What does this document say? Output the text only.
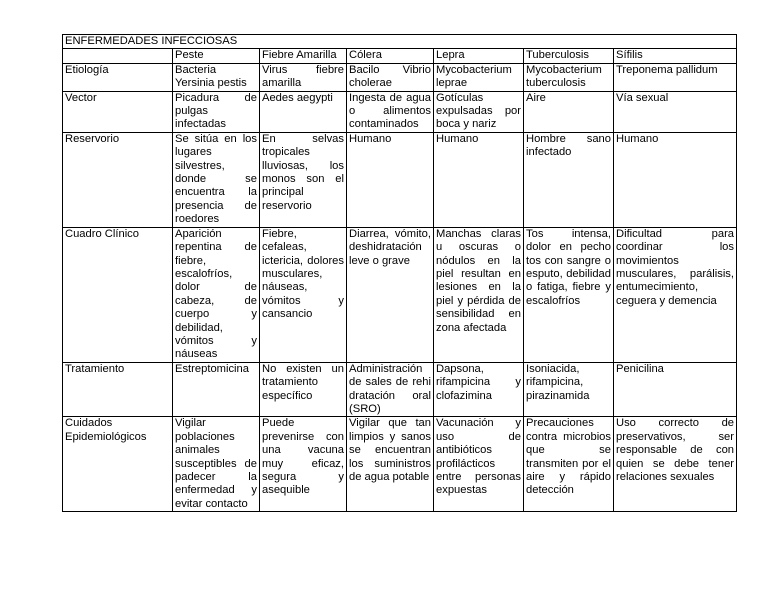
ENFERMEDADES INFECCIOSAS						
	Peste	Fiebre Amarilla	Cólera	Lepra	Tuberculosis	Sífilis
Etiología	Bacteria Yersinia pestis	Virus fiebre amarilla	Bacilo Vibrio cholerae	Mycobacterium leprae	Mycobacterium tuberculosis	Treponema pallidum
Vector	Picadura de pulgas infectadas	Aedes aegypti	Ingesta de agua o alimentos contaminados	Gotículas expulsadas por boca y nariz	Aire	Vía sexual
Reservorio	Se sitúa en los lugares silvestres, donde se encuentra la presencia de roedores	En selvas tropicales lluviosas, los monos son el principal reservorio	Humano	Humano	Hombre sano infectado	Humano
Cuadro Clínico	Aparición repentina de fiebre, escalofríos, dolor de cabeza, de cuerpo y debilidad, vómitos y náuseas	Fiebre, cefaleas, ictericia, dolores musculares, náuseas, vómitos y cansancio	Diarrea, vómito, deshidratación leve o grave	Manchas claras u oscuras o nódulos en la piel resultan en lesiones en la piel y pérdida de sensibilidad en zona afectada	Tos intensa, dolor en pecho tos con sangre o esputo, debilidad o fatiga, fiebre y escalofríos	Dificultad para coordinar los movimientos musculares, parálisis, entumecimiento, ceguera y demencia
Tratamiento	Estreptomicina	No existen un tratamiento específico	Administración de sales de rehidratación oral (SRO)	Dapsona, rifampicina y clofazimina	Isoniacida, rifampicina, pirazinamida	Penicilina
Cuidados Epidemiológicos	Vigilar poblaciones animales susceptibles de padecer la enfermedad y evitar contacto	Puede prevenirse con una vacuna muy eficaz, segura y asequible	Vigilar que tan limpios y sanos se encuentran los suministros de agua potable	Vacunación y uso de antibióticos profilácticos entre personas expuestas	Precauciones contra microbios que se transmiten por el aire y rápido detección	Uso correcto de preservativos, ser responsable de con quien se debe tener relaciones sexuales
